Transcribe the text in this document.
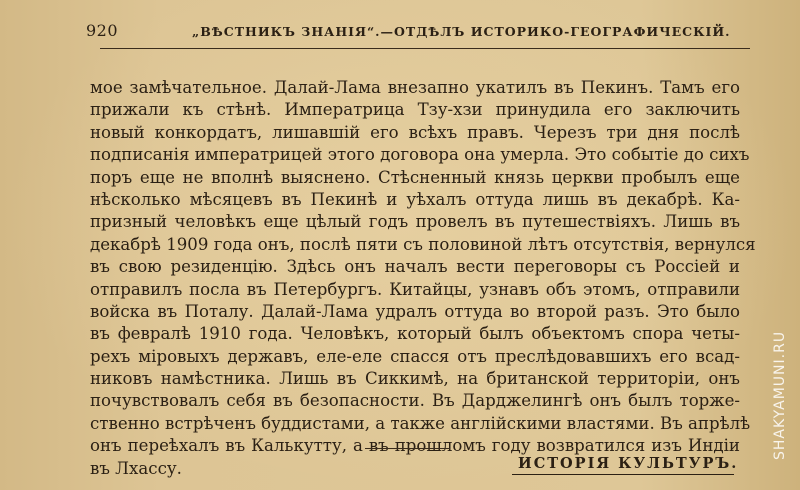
920	„ВѢСТНИКЪ ЗНАНІЯ“.—ОТДѢЛЪ ИСТОРИКО-ГЕОГРАФИЧЕСКІЙ.
мое замѣчательное. Далай-Лама внезапно укатилъ въ Пекинъ. Тамъ его
прижали къ стѣнѣ. Императрица Тзу-хзи принудила его заключить
новый конкордатъ, лишавшій его всѣхъ правъ. Черезъ три дня послѣ
подписанія императрицей этого договора она умерла. Это событіе до сихъ
поръ еще не вполнѣ выяснено. Стѣсненный князь церкви пробылъ еще
нѣсколько мѣсяцевъ въ Пекинѣ и уѣхалъ оттуда лишь въ декабрѣ. Ка-
призный человѣкъ еще цѣлый годъ провелъ въ путешествіяхъ. Лишь въ
декабрѣ 1909 года онъ, послѣ пяти съ половиной лѣтъ отсутствія, вернулся
въ свою резиденцію. Здѣсь онъ началъ вести переговоры съ Россіей и
отправилъ посла въ Петербургъ. Китайцы, узнавъ объ этомъ, отправили
войска въ Поталу. Далай-Лама удралъ оттуда во второй разъ. Это было
въ февралѣ 1910 года. Человѣкъ, который былъ объектомъ спора четы-
рехъ міровыхъ державъ, еле-еле спасся отъ преслѣдовавшихъ его всад-
никовъ намѣстника. Лишь въ Сиккимѣ, на британской территоріи, онъ
почувствовалъ себя въ безопасности. Въ Дарджелингѣ онъ былъ торже-
ственно встрѣченъ буддистами, а также англійскими властями. Въ апрѣлѣ
онъ переѣхалъ въ Калькутту, а въ прошломъ году возвратился изъ Индіи
въ Лхассу.	ИСТОРІЯ КУЛЬТУРЪ.
SHAKYAMUNI.RU
